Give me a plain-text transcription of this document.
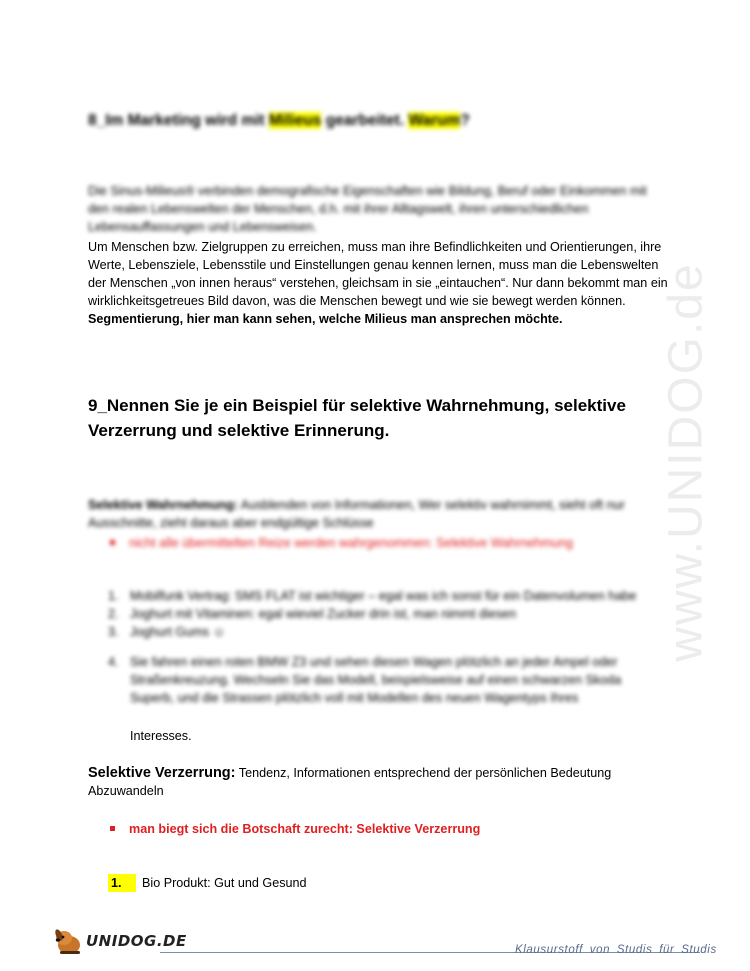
www.UNIDOG.de
8_Im Marketing wird mit Milieus gearbeitet. Warum?
Die Sinus-Milieus® verbinden demografische Eigenschaften wie Bildung, Beruf oder Einkommen mit den realen Lebenswelten der Menschen, d.h. mit ihrer Alltagswelt, ihren unterschiedlichen Lebensauffassungen und Lebensweisen.
Um Menschen bzw. Zielgruppen zu erreichen, muss man ihre Befindlichkeiten und Orientierungen, ihre Werte, Lebensziele, Lebensstile und Einstellungen genau kennen lernen, muss man die Lebenswelten der Menschen „von innen heraus“ verstehen, gleichsam in sie „eintauchen“. Nur dann bekommt man ein wirklichkeitsgetreues Bild davon, was die Menschen bewegt und wie sie bewegt werden können.
Segmentierung, hier man kann sehen, welche Milieus man ansprechen möchte.
9_Nennen Sie je ein Beispiel für selektive Wahrnehmung, selektive Verzerrung und selektive Erinnerung.
Selektive Wahrnehmung: Ausblenden von Informationen, Wer selektiv wahrnimmt, sieht oft nur Ausschnitte, zieht daraus aber endgültige Schlüsse
nicht alle übermittelten Reize werden wahrgenommen: Selektive Wahrnehmung
1. Mobilfunk Vertrag: SMS FLAT ist wichtiger – egal was ich sonst für ein Datenvolumen habe
2. Joghurt mit Vitaminen: egal wieviel Zucker drin ist, man nimmt diesen
3. Joghurt Gums ☺
4. Sie fahren einen roten BMW Z3 und sehen diesen Wagen plötzlich an jeder Ampel oder Straßenkreuzung. Wechseln Sie das Modell, beispielsweise auf einen schwarzen Skoda Superb, und die Strassen plötzlich voll mit Modellen des neuen Wagentyps Ihres
Interesses.
Selektive Verzerrung: Tendenz, Informationen entsprechend der persönlichen Bedeutung Abzuwandeln
man biegt sich die Botschaft zurecht: Selektive Verzerrung
1.	Bio Produkt: Gut und Gesund
UNIDOG.DE	Klausurstoff von Studis für Studis
